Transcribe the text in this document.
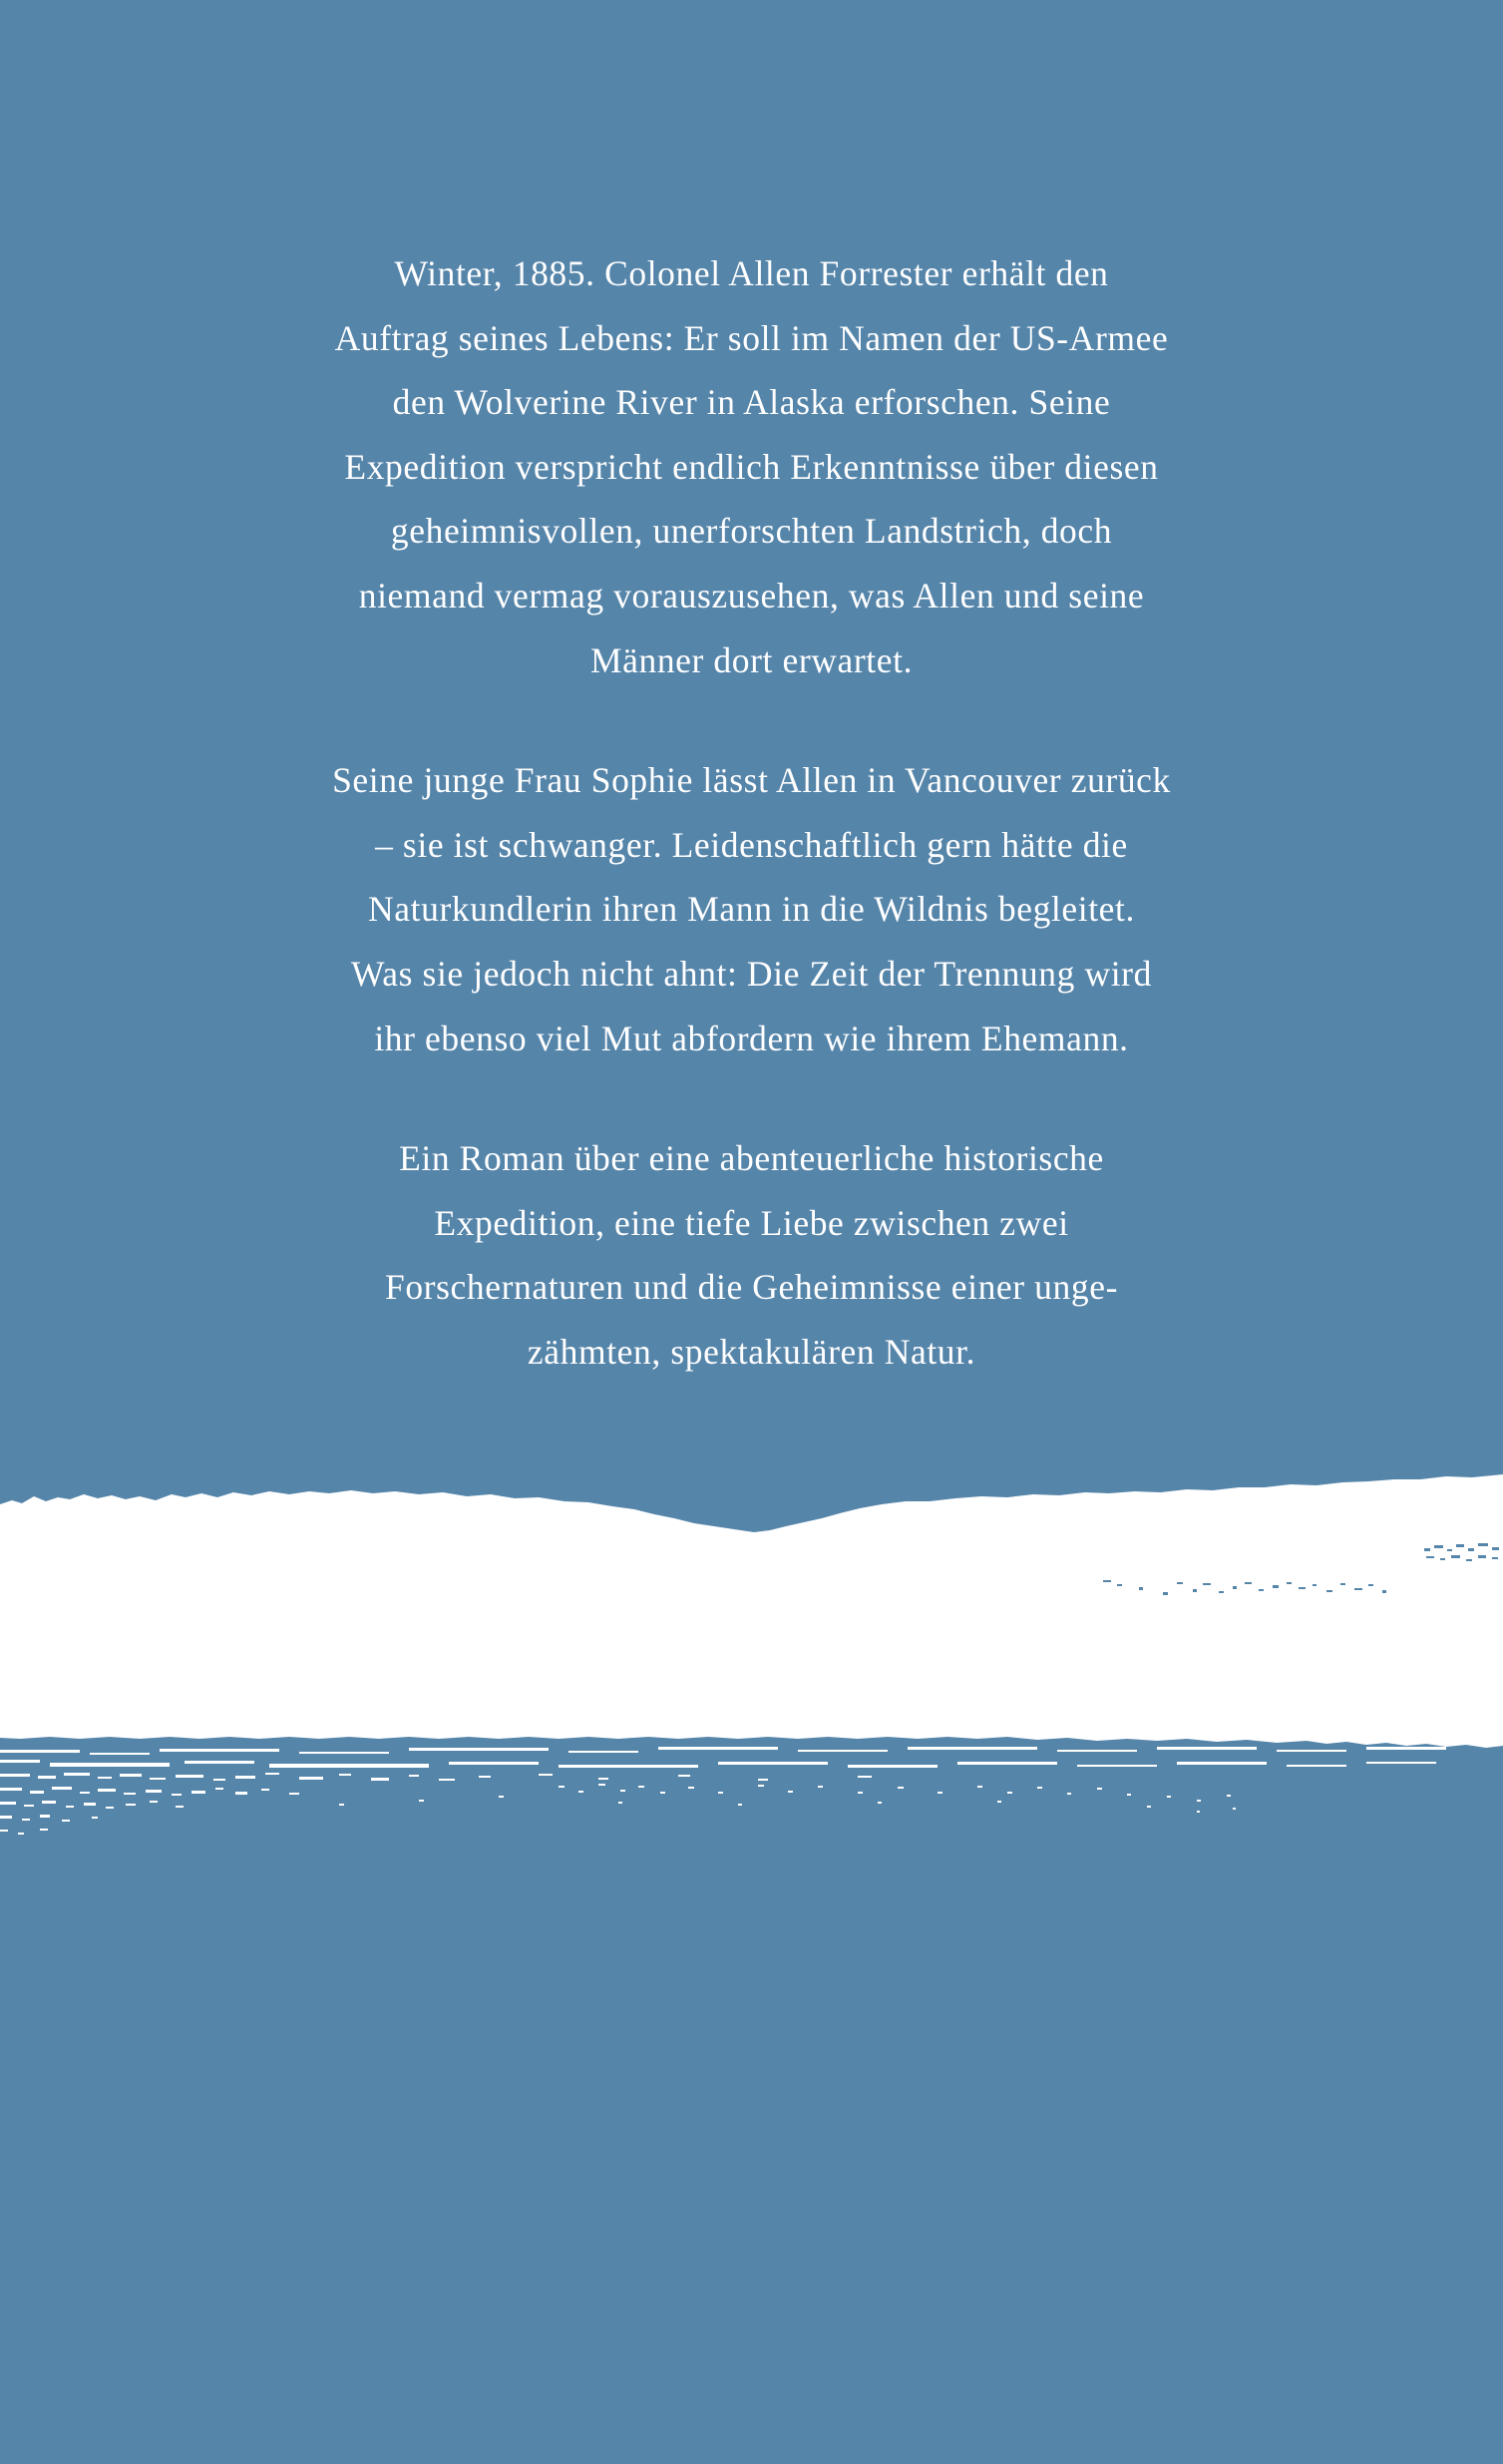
Winter, 1885. Colonel Allen Forrester erhält den
Auftrag seines Lebens: Er soll im Namen der US-Armee
den Wolverine River in Alaska erforschen. Seine
Expedition verspricht endlich Erkenntnisse über diesen
geheimnisvollen, unerforschten Landstrich, doch
niemand vermag vorauszusehen, was Allen und seine
Männer dort erwartet.

Seine junge Frau Sophie lässt Allen in Vancouver zurück
– sie ist schwanger. Leidenschaftlich gern hätte die
Naturkundlerin ihren Mann in die Wildnis begleitet.
Was sie jedoch nicht ahnt: Die Zeit der Trennung wird
ihr ebenso viel Mut abfordern wie ihrem Ehemann.

Ein Roman über eine abenteuerliche historische
Expedition, eine tiefe Liebe zwischen zwei
Forschernaturen und die Geheimnisse einer unge-
zähmten, spektakulären Natur.
